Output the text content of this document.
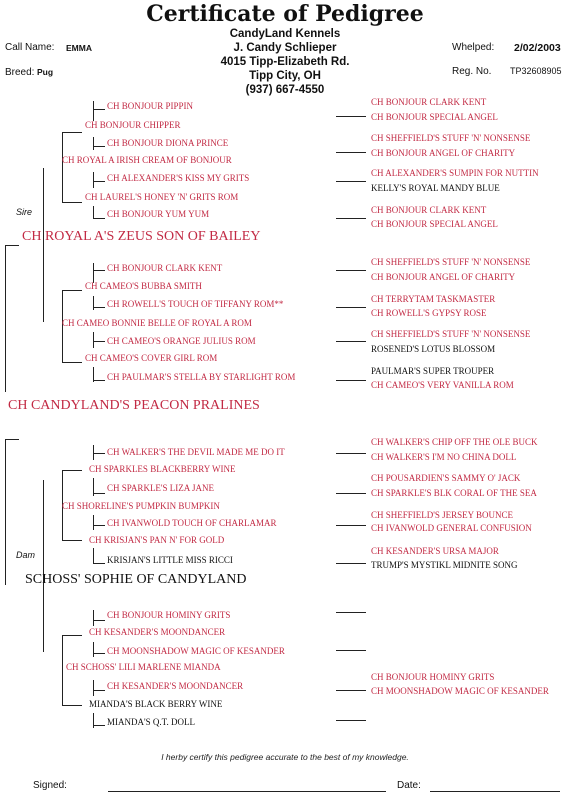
Certificate of Pedigree
CandyLand Kennels
J. Candy Schlieper
4015 Tipp-Elizabeth Rd.
Tipp City, OH
(937) 667-4550
Call Name: EMMA
Breed: Pug
Whelped: 2/02/2003
Reg. No. TP32608905
Sire
CH ROYAL A'S ZEUS SON OF BAILEY
CH ROYAL A IRISH CREAM OF BONJOUR
CH BONJOUR CHIPPER
CH BONJOUR PIPPIN
CH BONJOUR DIONA PRINCE
CH LAUREL'S HONEY 'N' GRITS ROM
CH ALEXANDER'S KISS MY GRITS
CH BONJOUR YUM YUM
CH CAMEO BONNIE BELLE OF ROYAL A ROM
CH CAMEO'S BUBBA SMITH
CH BONJOUR CLARK KENT
CH ROWELL'S TOUCH OF TIFFANY ROM**
CH CAMEO'S COVER GIRL ROM
CH CAMEO'S ORANGE JULIUS ROM
CH PAULMAR'S STELLA BY STARLIGHT ROM
CH BONJOUR CLARK KENT
CH BONJOUR SPECIAL ANGEL
CH SHEFFIELD'S STUFF 'N' NONSENSE
CH BONJOUR ANGEL OF CHARITY
CH ALEXANDER'S SUMPIN FOR NUTTIN
KELLY'S ROYAL MANDY BLUE
CH BONJOUR CLARK KENT
CH BONJOUR SPECIAL ANGEL
CH SHEFFIELD'S STUFF 'N' NONSENSE
CH BONJOUR ANGEL OF CHARITY
CH TERRYTAM TASKMASTER
CH ROWELL'S GYPSY ROSE
CH SHEFFIELD'S STUFF 'N' NONSENSE
ROSENED'S LOTUS BLOSSOM
PAULMAR'S SUPER TROUPER
CH CAMEO'S VERY VANILLA ROM
CH CANDYLAND'S PEACON PRALINES
Dam
SCHOSS' SOPHIE OF CANDYLAND
CH SHORELINE'S PUMPKIN BUMPKIN
CH SPARKLES BLACKBERRY WINE
CH WALKER'S THE DEVIL MADE ME DO IT
CH SPARKLE'S LIZA JANE
CH KRISJAN'S PAN N' FOR GOLD
CH IVANWOLD TOUCH OF CHARLAMAR
KRISJAN'S LITTLE MISS RICCI
CH SCHOSS' LILI MARLENE MIANDA
CH KESANDER'S MOONDANCER
CH BONJOUR HOMINY GRITS
CH MOONSHADOW MAGIC OF KESANDER
MIANDA'S BLACK BERRY WINE
CH KESANDER'S MOONDANCER
MIANDA'S Q.T. DOLL
CH WALKER'S CHIP OFF THE OLE BUCK
CH WALKER'S I'M NO CHINA DOLL
CH POUSARDIEN'S SAMMY O' JACK
CH SPARKLE'S BLK CORAL OF THE SEA
CH SHEFFIELD'S JERSEY BOUNCE
CH IVANWOLD GENERAL CONFUSION
CH KESANDER'S URSA MAJOR
TRUMP'S MYSTIKL MIDNITE SONG
CH BONJOUR HOMINY GRITS
CH MOONSHADOW MAGIC OF KESANDER
I herby certify this pedigree accurate to the best of my knowledge.
Signed:	Date:
